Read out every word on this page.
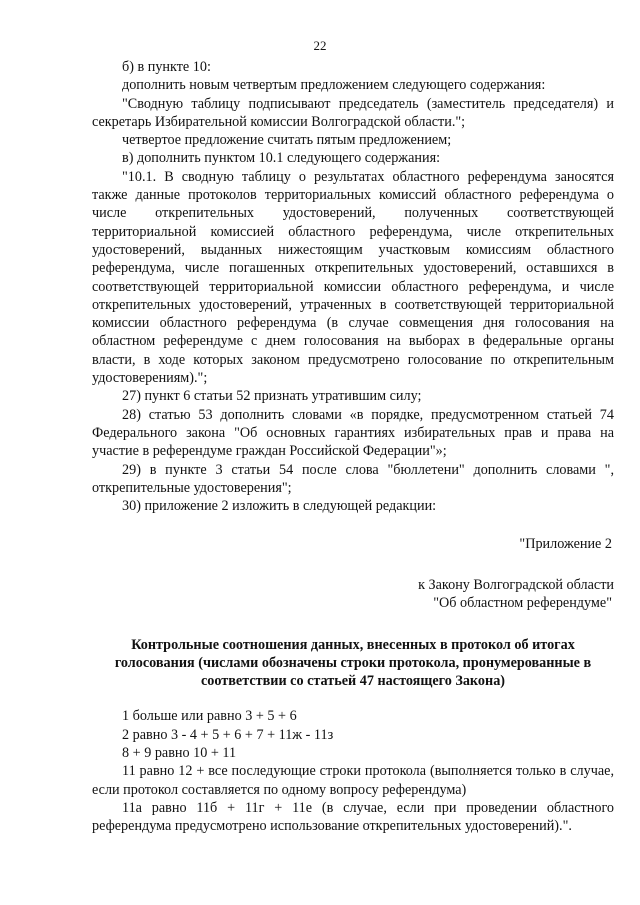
22

б) в пункте 10:

дополнить новым четвертым предложением следующего содержания:

"Сводную таблицу подписывают председатель (заместитель председателя) и секретарь Избирательной комиссии Волгоградской области.";

четвертое предложение считать пятым предложением;

в) дополнить пунктом 10.1 следующего содержания:

"10.1. В сводную таблицу о результатах областного референдума заносятся также данные протоколов территориальных комиссий областного референдума о числе открепительных удостоверений, полученных соответствующей территориальной комиссией областного референдума, числе открепительных удостоверений, выданных нижестоящим участковым комиссиям областного референдума, числе погашенных открепительных удостоверений, оставшихся в соответствующей территориальной комиссии областного референдума, и числе открепительных удостоверений, утраченных в соответствующей территориальной комиссии областного референдума (в случае совмещения дня голосования на областном референдуме с днем голосования на выборах в федеральные органы власти, в ходе которых законом предусмотрено голосование по открепительным удостоверениям).";

27) пункт 6 статьи 52 признать утратившим силу;

28) статью 53 дополнить словами «в порядке, предусмотренном статьей 74 Федерального закона "Об основных гарантиях избирательных прав и права на участие в референдуме граждан Российской Федерации"»;

29) в пункте 3 статьи 54 после слова "бюллетени" дополнить словами ", открепительные удостоверения";

30) приложение 2 изложить в следующей редакции:

"Приложение 2

к Закону Волгоградской области

"Об областном референдуме"

Контрольные соотношения данных, внесенных в протокол об итогах голосования (числами обозначены строки протокола, пронумерованные в соответствии со статьей 47 настоящего Закона)

1 больше или равно 3 + 5 + 6

2 равно 3 - 4 + 5 + 6 + 7 + 11ж - 11з

8 + 9 равно 10 + 11

11 равно 12 + все последующие строки протокола (выполняется только в случае, если протокол составляется по одному вопросу референдума)

11а равно 11б + 11г + 11е (в случае, если при проведении областного референдума предусмотрено использование открепительных удостоверений).".
